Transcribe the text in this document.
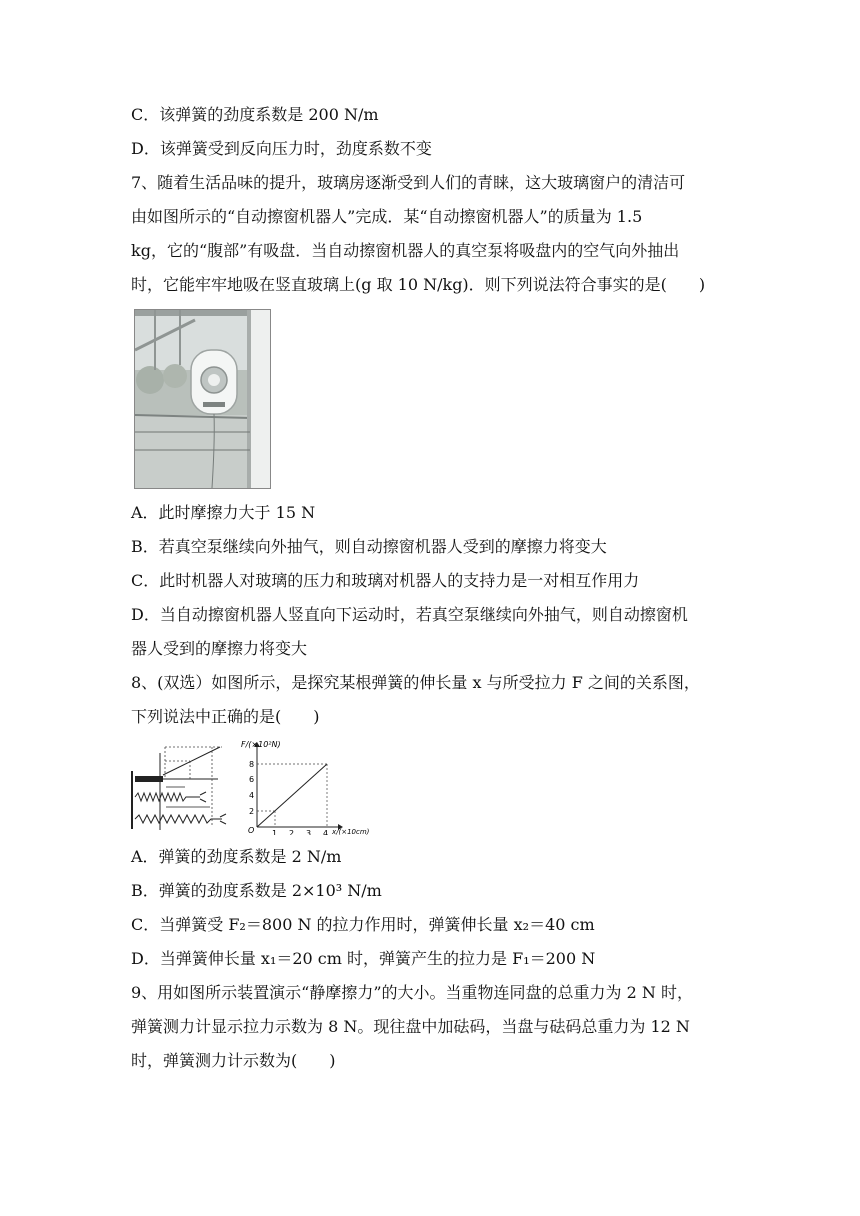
C．该弹簧的劲度系数是 200 N/m
D．该弹簧受到反向压力时，劲度系数不变
7、随着生活品味的提升，玻璃房逐渐受到人们的青睐，这大玻璃窗户的清洁可
由如图所示的“自动擦窗机器人”完成．某“自动擦窗机器人”的质量为 1.5
kg，它的“腹部”有吸盘．当自动擦窗机器人的真空泵将吸盘内的空气向外抽出
时，它能牢牢地吸在竖直玻璃上(g 取 10 N/kg)．则下列说法符合事实的是(　　)
A．此时摩擦力大于 15 N
B．若真空泵继续向外抽气，则自动擦窗机器人受到的摩擦力将变大
C．此时机器人对玻璃的压力和玻璃对机器人的支持力是一对相互作用力
D．当自动擦窗机器人竖直向下运动时，若真空泵继续向外抽气，则自动擦窗机
器人受到的摩擦力将变大
8、(双选）如图所示，是探究某根弹簧的伸长量 x 与所受拉力 F 之间的关系图，
下列说法中正确的是(　　)
F/(×10²N)
x/(×10cm)
O
2
4
6
8
1 2 3 4
A．弹簧的劲度系数是 2 N/m
B．弹簧的劲度系数是 2×10³ N/m
C．当弹簧受 F₂＝800 N 的拉力作用时，弹簧伸长量 x₂＝40 cm
D．当弹簧伸长量 x₁＝20 cm 时，弹簧产生的拉力是 F₁＝200 N
9、用如图所示装置演示“静摩擦力”的大小。当重物连同盘的总重力为 2 N 时，
弹簧测力计显示拉力示数为 8 N。现往盘中加砝码，当盘与砝码总重力为 12 N
时，弹簧测力计示数为(　　)
